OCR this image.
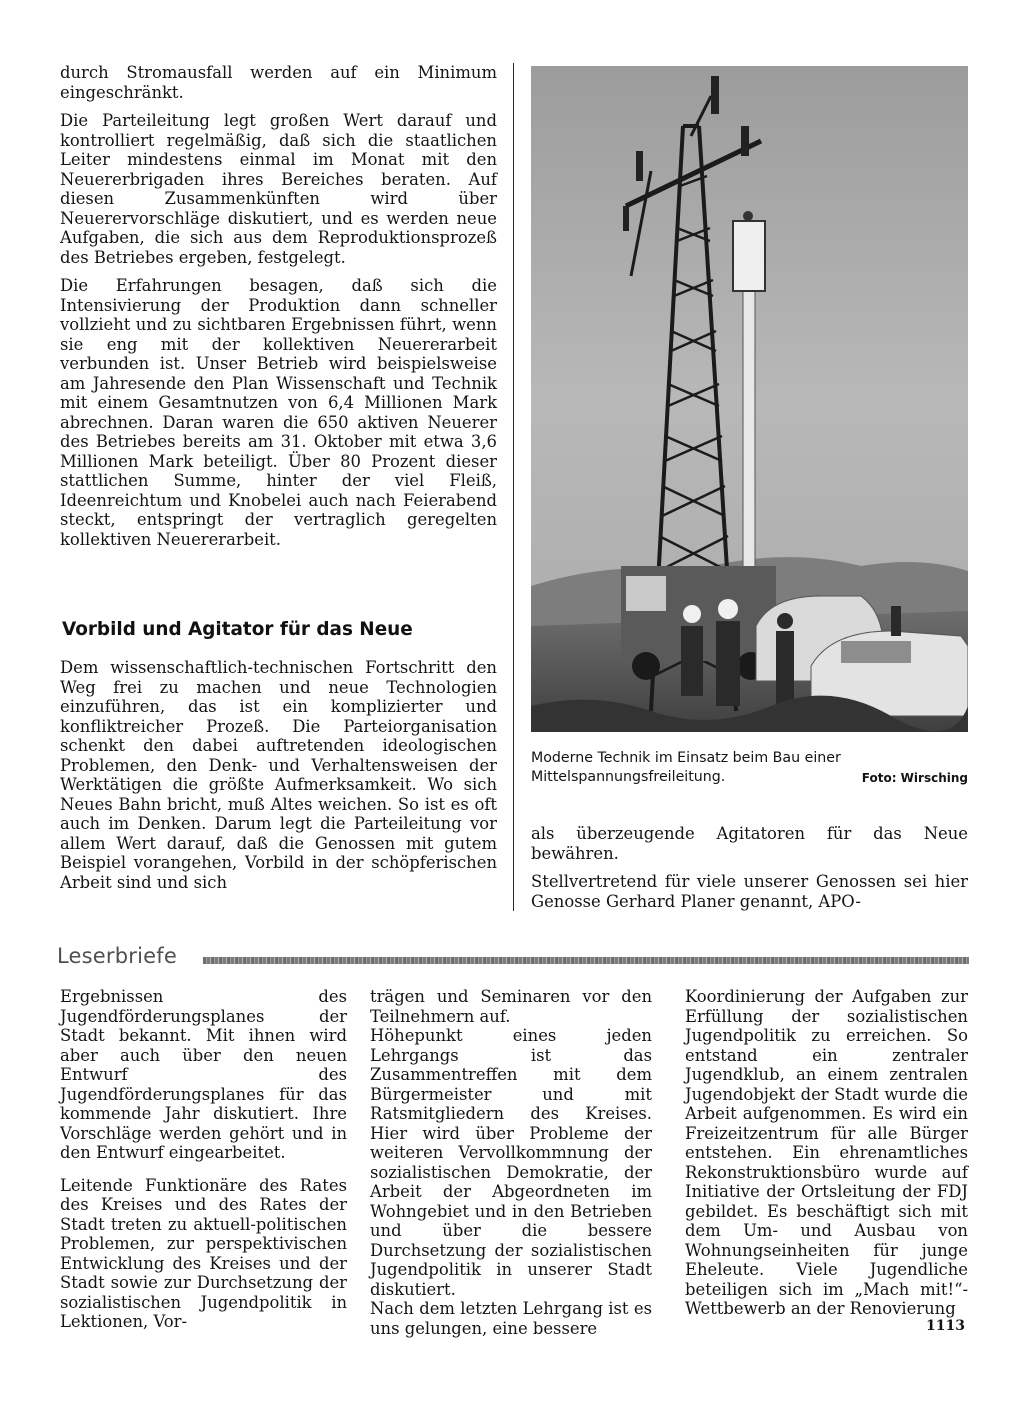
durch Stromausfall werden auf ein Minimum eingeschränkt.

Die Parteileitung legt großen Wert darauf und kontrolliert regelmäßig, daß sich die staatlichen Leiter mindestens einmal im Monat mit den Neuererbrigaden ihres Bereiches beraten. Auf diesen Zusammenkünften wird über Neuerervorschläge diskutiert, und es werden neue Aufgaben, die sich aus dem Reproduktionsprozeß des Betriebes ergeben, festgelegt.

Die Erfahrungen besagen, daß sich die Intensivierung der Produktion dann schneller vollzieht und zu sichtbaren Ergebnissen führt, wenn sie eng mit der kollektiven Neuererarbeit verbunden ist. Unser Betrieb wird beispielsweise am Jahresende den Plan Wissenschaft und Technik mit einem Gesamtnutzen von 6,4 Millionen Mark abrechnen. Daran waren die 650 aktiven Neuerer des Betriebes bereits am 31. Oktober mit etwa 3,6 Millionen Mark beteiligt. Über 80 Prozent dieser stattlichen Summe, hinter der viel Fleiß, Ideenreichtum und Knobelei auch nach Feierabend steckt, entspringt der vertraglich geregelten kollektiven Neuererarbeit.

Vorbild und Agitator für das Neue

Dem wissenschaftlich-technischen Fortschritt den Weg frei zu machen und neue Technologien einzuführen, das ist ein komplizierter und konfliktreicher Prozeß. Die Parteiorganisation schenkt den dabei auftretenden ideologischen Problemen, den Denk- und Verhaltensweisen der Werktätigen die größte Aufmerksamkeit. Wo sich Neues Bahn bricht, muß Altes weichen. So ist es oft auch im Denken. Darum legt die Parteileitung vor allem Wert darauf, daß die Genossen mit gutem Beispiel vorangehen, Vorbild in der schöpferischen Arbeit sind und sich

Moderne Technik im Einsatz beim Bau einer Mittelspannungsfreileitung.	Foto: Wirsching

als überzeugende Agitatoren für das Neue bewähren.

Stellvertretend für viele unserer Genossen sei hier Genosse Gerhard Planer genannt, APO-

Leserbriefe

Ergebnissen des Jugendförderungsplanes der Stadt bekannt. Mit ihnen wird aber auch über den neuen Entwurf des Jugendförderungsplanes für das kommende Jahr diskutiert. Ihre Vorschläge werden gehört und in den Entwurf eingearbeitet.

Leitende Funktionäre des Rates des Kreises und des Rates der Stadt treten zu aktuell-politischen Problemen, zur perspektivischen Entwicklung des Kreises und der Stadt sowie zur Durchsetzung der sozialistischen Jugendpolitik in Lektionen, Vor-

trägen und Seminaren vor den Teilnehmern auf.

Höhepunkt eines jeden Lehrgangs ist das Zusammentreffen mit dem Bürgermeister und mit Ratsmitgliedern des Kreises. Hier wird über Probleme der weiteren Vervollkommnung der sozialistischen Demokratie, der Arbeit der Abgeordneten im Wohngebiet und in den Betrieben und über die bessere Durchsetzung der sozialistischen Jugendpolitik in unserer Stadt diskutiert.

Nach dem letzten Lehrgang ist es uns gelungen, eine bessere

Koordinierung der Aufgaben zur Erfüllung der sozialistischen Jugendpolitik zu erreichen. So entstand ein zentraler Jugendklub, an einem zentralen Jugendobjekt der Stadt wurde die Arbeit aufgenommen. Es wird ein Freizeitzentrum für alle Bürger entstehen. Ein ehrenamtliches Rekonstruktionsbüro wurde auf Initiative der Ortsleitung der FDJ gebildet. Es beschäftigt sich mit dem Um- und Ausbau von Wohnungseinheiten für junge Eheleute. Viele Jugendliche beteiligen sich im „Mach mit!“-Wettbewerb an der Renovierung

1113
